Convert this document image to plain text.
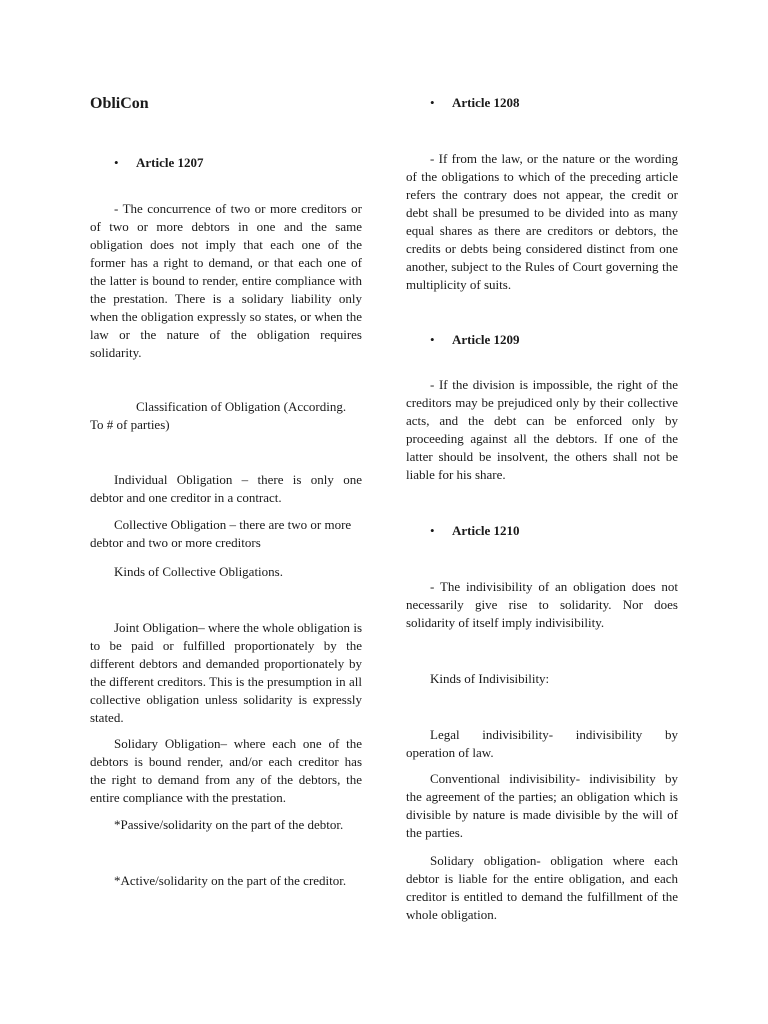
ObliCon

• Article 1207

- The concurrence of two or more creditors or of two or more debtors in one and the same obligation does not imply that each one of the former has a right to demand, or that each one of the latter is bound to render, entire compliance with the prestation. There is a solidary liability only when the obligation expressly so states, or when the law or the nature of the obligation requires solidarity.

Classification of Obligation (According. To # of parties)

Individual Obligation – there is only one debtor and one creditor in a contract.

Collective Obligation – there are two or more debtor and two or more creditors

Kinds of Collective Obligations.

Joint Obligation– where the whole obligation is to be paid or fulfilled proportionately by the different debtors and demanded proportionately by the different creditors. This is the presumption in all collective obligation unless solidarity is expressly stated.

Solidary Obligation– where each one of the debtors is bound render, and/or each creditor has the right to demand from any of the debtors, the entire compliance with the prestation.

*Passive/solidarity on the part of the debtor.

*Active/solidarity on the part of the creditor.

• Article 1208

- If from the law, or the nature or the wording of the obligations to which of the preceding article refers the contrary does not appear, the credit or debt shall be presumed to be divided into as many equal shares as there are creditors or debtors, the credits or debts being considered distinct from one another, subject to the Rules of Court governing the multiplicity of suits.

• Article 1209

- If the division is impossible, the right of the creditors may be prejudiced only by their collective acts, and the debt can be enforced only by proceeding against all the debtors. If one of the latter should be insolvent, the others shall not be liable for his share.

• Article 1210

- The indivisibility of an obligation does not necessarily give rise to solidarity. Nor does solidarity of itself imply indivisibility.

Kinds of Indivisibility:

Legal indivisibility- indivisibility by

operation of law.

Conventional indivisibility- indivisibility by the agreement of the parties; an obligation which is divisible by nature is made divisible by the will of the parties.

Solidary obligation- obligation where each debtor is liable for the entire obligation, and each creditor is entitled to demand the fulfillment of the whole obligation.
